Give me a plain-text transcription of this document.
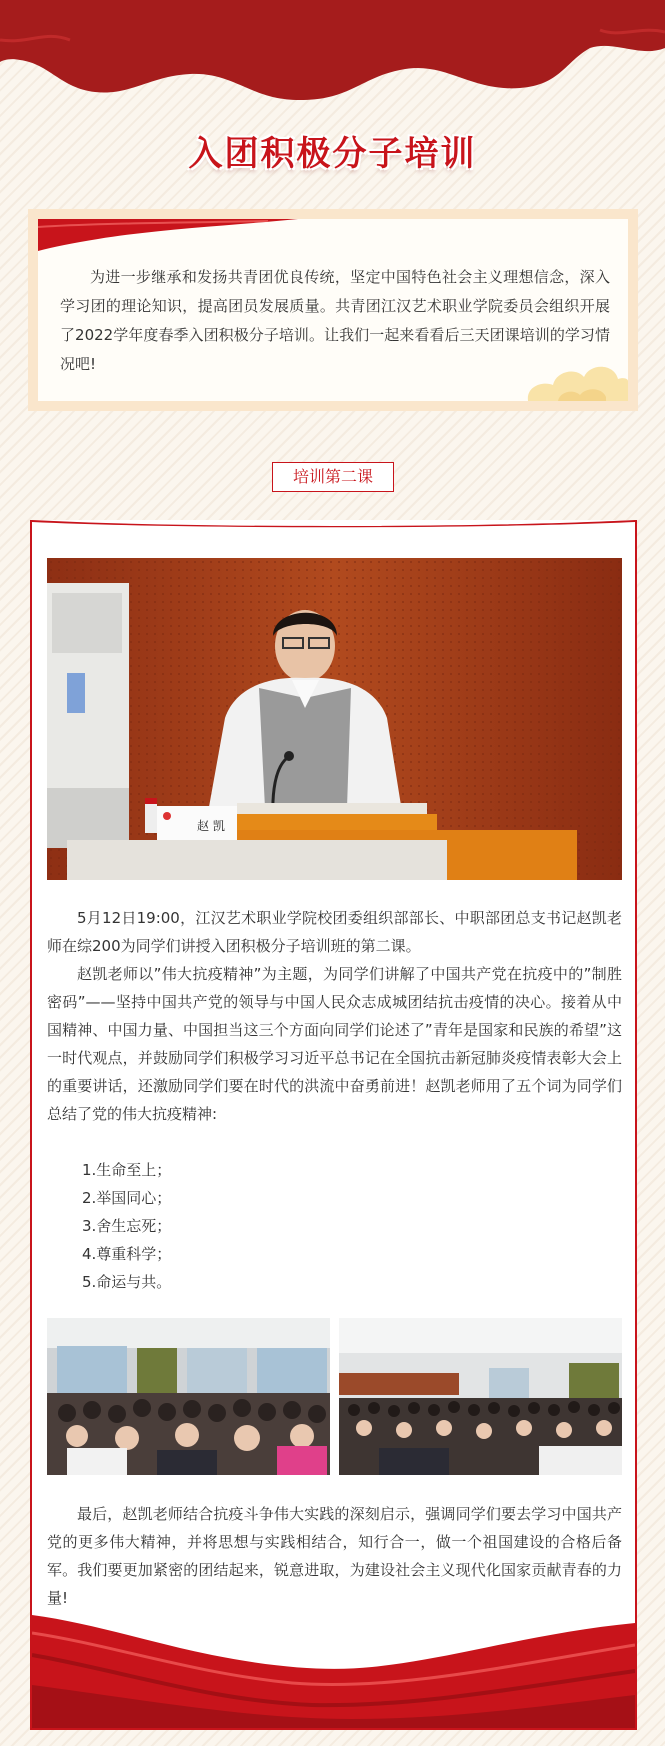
入团积极分子培训

为进一步继承和发扬共青团优良传统，坚定中国特色社会主义理想信念，深入学习团的理论知识，提高团员发展质量。共青团江汉艺术职业学院委员会组织开展了2022学年度春季入团积极分子培训。让我们一起来看看后三天团课培训的学习情况吧!

培训第二课
赵 凯

5月12日19:00，江汉艺术职业学院校团委组织部部长、中职部团总支书记赵凯老师在综200为同学们讲授入团积极分子培训班的第二课。

赵凯老师以”伟大抗疫精神”为主题，为同学们讲解了中国共产党在抗疫中的”制胜密码”——坚持中国共产党的领导与中国人民众志成城团结抗击疫情的决心。接着从中国精神、中国力量、中国担当这三个方面向同学们论述了”青年是国家和民族的希望”这一时代观点，并鼓励同学们积极学习习近平总书记在全国抗击新冠肺炎疫情表彰大会上的重要讲话，还激励同学们要在时代的洪流中奋勇前进！赵凯老师用了五个词为同学们总结了党的伟大抗疫精神:

1.生命至上；
2.举国同心；
3.舍生忘死；
4.尊重科学；
5.命运与共。

最后，赵凯老师结合抗疫斗争伟大实践的深刻启示，强调同学们要去学习中国共产党的更多伟大精神，并将思想与实践相结合，知行合一，做一个祖国建设的合格后备军。我们要更加紧密的团结起来，锐意进取，为建设社会主义现代化国家贡献青春的力量!
